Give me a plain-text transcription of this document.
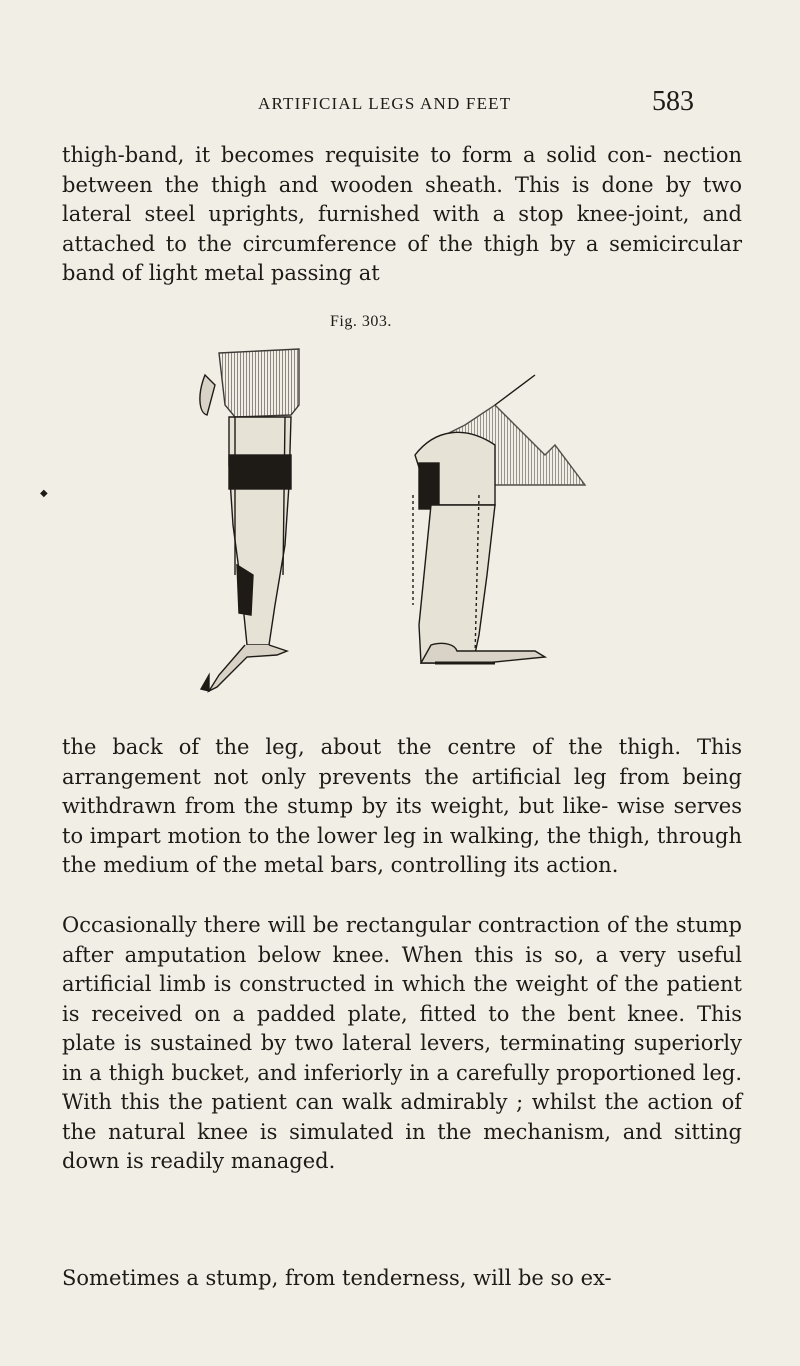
ARTIFICIAL LEGS AND FEET	583

thigh-band, it becomes requisite to form a solid con- nection between the thigh and wooden sheath. This is done by two lateral steel uprights, furnished with a stop knee-joint, and attached to the circumference of the thigh by a semicircular band of light metal passing at

Fig. 303.
◆

the back of the leg, about the centre of the thigh. This arrangement not only prevents the artificial leg from being withdrawn from the stump by its weight, but like- wise serves to impart motion to the lower leg in walking, the thigh, through the medium of the metal bars, controlling its action.

Occasionally there will be rectangular contraction of the stump after amputation below knee. When this is so, a very useful artificial limb is constructed in which the weight of the patient is received on a padded plate, fitted to the bent knee. This plate is sustained by two lateral levers, terminating superiorly in a thigh bucket, and inferiorly in a carefully proportioned leg. With this the patient can walk admirably ; whilst the action of the natural knee is simulated in the mechanism, and sitting down is readily managed.

Sometimes a stump, from tenderness, will be so ex-
